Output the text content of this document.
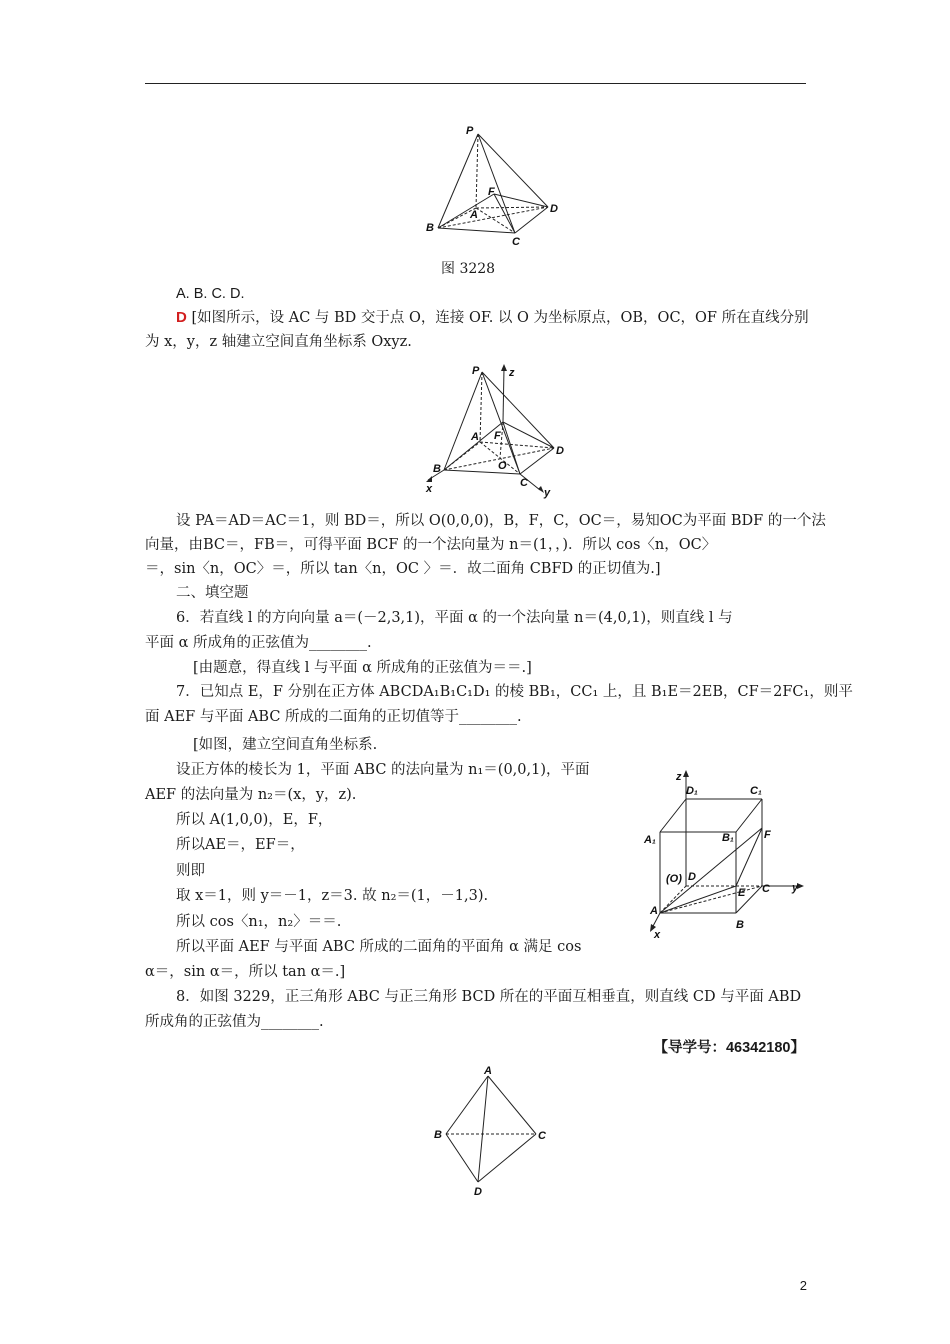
P
F
A	D
B
C
图 3228
A. B. C. D.
D [如图所示，设 AC 与 BD 交于点 O，连接 OF. 以 O 为坐标原点，OB，OC，OF 所在直线分别
为 x，y，z 轴建立空间直角坐标系 Oxyz.
P	z
A F
D
B	O
C
x	y
设 PA＝AD＝AC＝1，则 BD＝，所以 O(0,0,0)，B，F，C，OC＝，易知OC为平面 BDF 的一个法
向量，由BC＝，FB＝，可得平面 BCF 的一个法向量为 n＝(1，，)．所以 cos〈n，OC〉
＝，sin〈n，OC〉＝，所以 tan〈n，OC 〉＝．故二面角 CBFD 的正切值为.]
二、填空题
6．若直线 l 的方向向量 a＝(－2,3,1)，平面 α 的一个法向量 n＝(4,0,1)，则直线 l 与
平面 α 所成角的正弦值为________.
[由题意，得直线 l 与平面 α 所成角的正弦值为＝＝.]
7．已知点 E，F 分别在正方体 ABCDA₁B₁C₁D₁ 的棱 BB₁，CC₁ 上，且 B₁E＝2EB，CF＝2FC₁，则平
面 AEF 与平面 ABC 所成的二面角的正切值等于________.
[如图，建立空间直角坐标系.
设正方体的棱长为 1，平面 ABC 的法向量为 n₁＝(0,0,1)，平面
AEF 的法向量为 n₂＝(x，y，z).
所以 A(1,0,0)，E，F，
所以AE＝，EF＝，
则即
取 x＝1，则 y＝－1，z＝3. 故 n₂＝(1，－1,3).
所以 cos〈n₁，n₂〉＝＝.
所以平面 AEF 与平面 ABC 所成的二面角的平面角 α 满足 cos
α＝，sin α＝，所以 tan α＝.]
z
D₁	C₁
A₁	B₁	F
D
(O)
C y
E
A
B
x
8．如图 3229，正三角形 ABC 与正三角形 BCD 所在的平面互相垂直，则直线 CD 与平面 ABD
所成角的正弦值为________.
【导学号：46342180】
A
B	C
D
2
